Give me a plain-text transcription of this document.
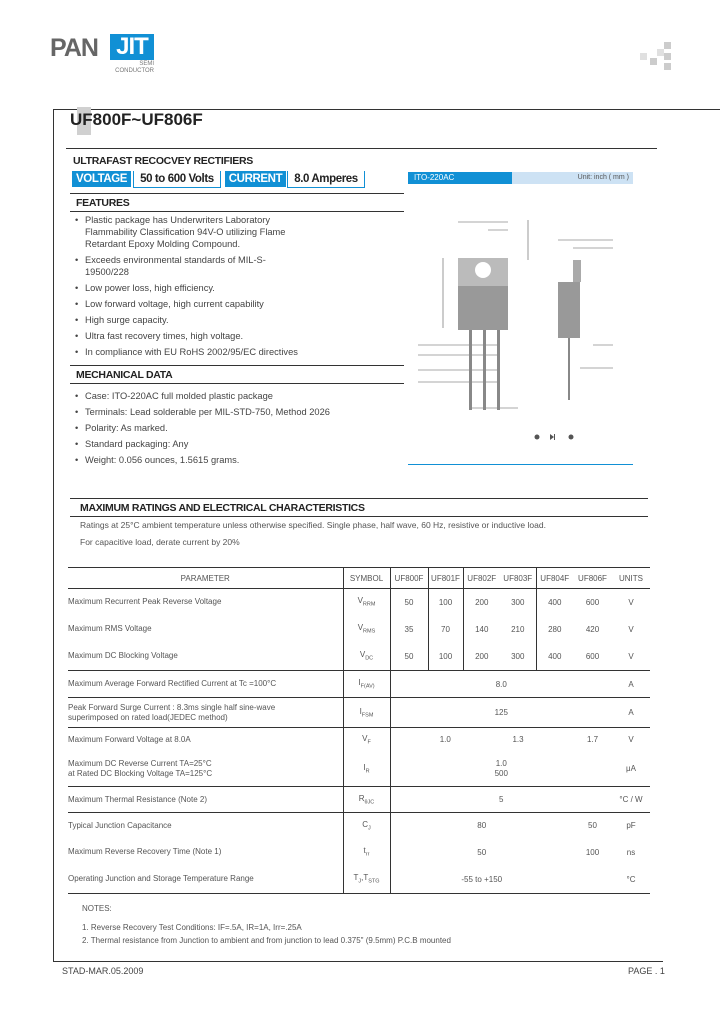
PAN JIT
SEMI
CONDUCTOR
UF800F~UF806F
ULTRAFAST RECOCVEY RECTIFIERS
VOLTAGE	50 to 600 Volts	CURRENT	8.0 Amperes	ITO-220AC	Unit: inch ( mm )
FEATURES
• Plastic package has Underwriters Laboratory Flammability Classification 94V-O utilizing Flame Retardant Epoxy Molding Compound.
• Exceeds environmental standards of MIL-S-19500/228
• Low power loss, high efficiency.
• Low forward voltage, high current capability
• High surge capacity.
• Ultra fast recovery times, high voltage.
• In compliance with EU RoHS 2002/95/EC directives
MECHANICAL DATA
• Case: ITO-220AC full molded plastic package
• Terminals: Lead solderable per MIL-STD-750, Method 2026
• Polarity: As marked.
• Standard packaging: Any
• Weight: 0.056 ounces, 1.5615 grams.
MAXIMUM RATINGS AND ELECTRICAL CHARACTERISTICS
Ratings at 25°C ambient temperature unless otherwise specified. Single phase, half wave, 60 Hz, resistive or inductive load.
For capacitive load, derate current by 20%
PARAMETER	SYMBOL	UF800F	UF801F	UF802F	UF803F	UF804F	UF806F	UNITS
Maximum Recurrent Peak Reverse Voltage	$V_{RRM}$	50	100	200	300	400	600	V
Maximum RMS Voltage	$V_{RMS}$	35	70	140	210	280	420	V
Maximum DC Blocking Voltage	$V_{DC}$	50	100	200	300	400	600	V
Maximum Average Forward Rectified Current at Tc =100°C	$I_{F(AV)}$	8.0						A
Peak Forward Surge Current : 8.3ms single half sine-wave superimposed on rated load(JEDEC method)	$I_{FSM}$	125						A
Maximum Forward Voltage at 8.0A	$V_F$	1.0			1.3		1.7	V
Maximum DC Reverse Current TA=25°C
at Rated DC Blocking Voltage TA=125°C	$I_R$	1.0
500						μA
Maximum Thermal Resistance (Note 2)	$R_{\theta JC}$	5						°C / W
Typical Junction Capacitance	$C_J$	80					50	pF
Maximum Reverse Recovery Time (Note 1)	$t_{rr}$	50					100	ns
Operating Junction and Storage Temperature Range	$T_J,T_{STG}$	-55 to +150						°C
NOTES:
1. Reverse Recovery Test Conditions: IF=.5A, IR=1A, Irr=.25A
2. Thermal resistance from Junction to ambient and from junction to lead 0.375" (9.5mm) P.C.B mounted
STAD-MAR.05.2009	PAGE . 1
